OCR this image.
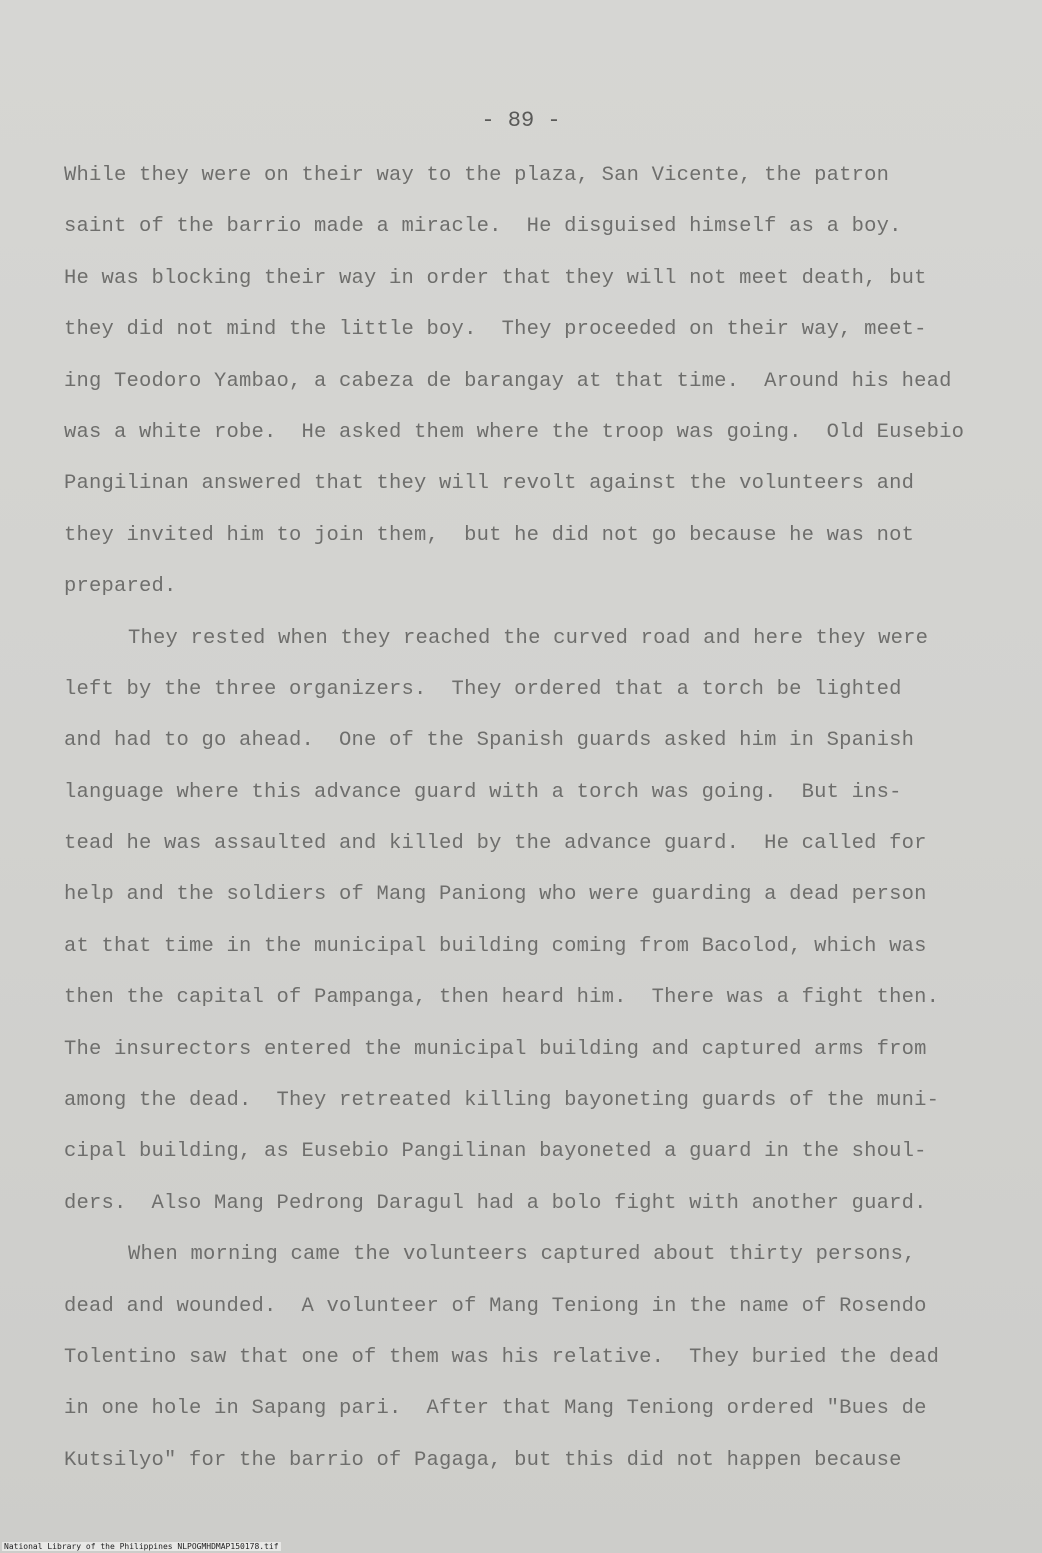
- 89 -
While they were on their way to the plaza, San Vicente, the patron
saint of the barrio made a miracle.  He disguised himself as a boy.
He was blocking their way in order that they will not meet death, but
they did not mind the little boy.  They proceeded on their way, meet-
ing Teodoro Yambao, a cabeza de barangay at that time.  Around his head
was a white robe.  He asked them where the troop was going.  Old Eusebio
Pangilinan answered that they will revolt against the volunteers and
they invited him to join them,  but he did not go because he was not
prepared.
They rested when they reached the curved road and here they were
left by the three organizers.  They ordered that a torch be lighted
and had to go ahead.  One of the Spanish guards asked him in Spanish
language where this advance guard with a torch was going.  But ins-
tead he was assaulted and killed by the advance guard.  He called for
help and the soldiers of Mang Paniong who were guarding a dead person
at that time in the municipal building coming from Bacolod, which was
then the capital of Pampanga, then heard him.  There was a fight then.
The insurectors entered the municipal building and captured arms from
among the dead.  They retreated killing bayoneting guards of the muni-
cipal building, as Eusebio Pangilinan bayoneted a guard in the shoul-
ders.  Also Mang Pedrong Daragul had a bolo fight with another guard.
When morning came the volunteers captured about thirty persons,
dead and wounded.  A volunteer of Mang Teniong in the name of Rosendo
Tolentino saw that one of them was his relative.  They buried the dead
in one hole in Sapang pari.  After that Mang Teniong ordered "Bues de
Kutsilyo" for the barrio of Pagaga, but this did not happen because
National Library of the Philippines NLPOGMHDMAP150178.tif
